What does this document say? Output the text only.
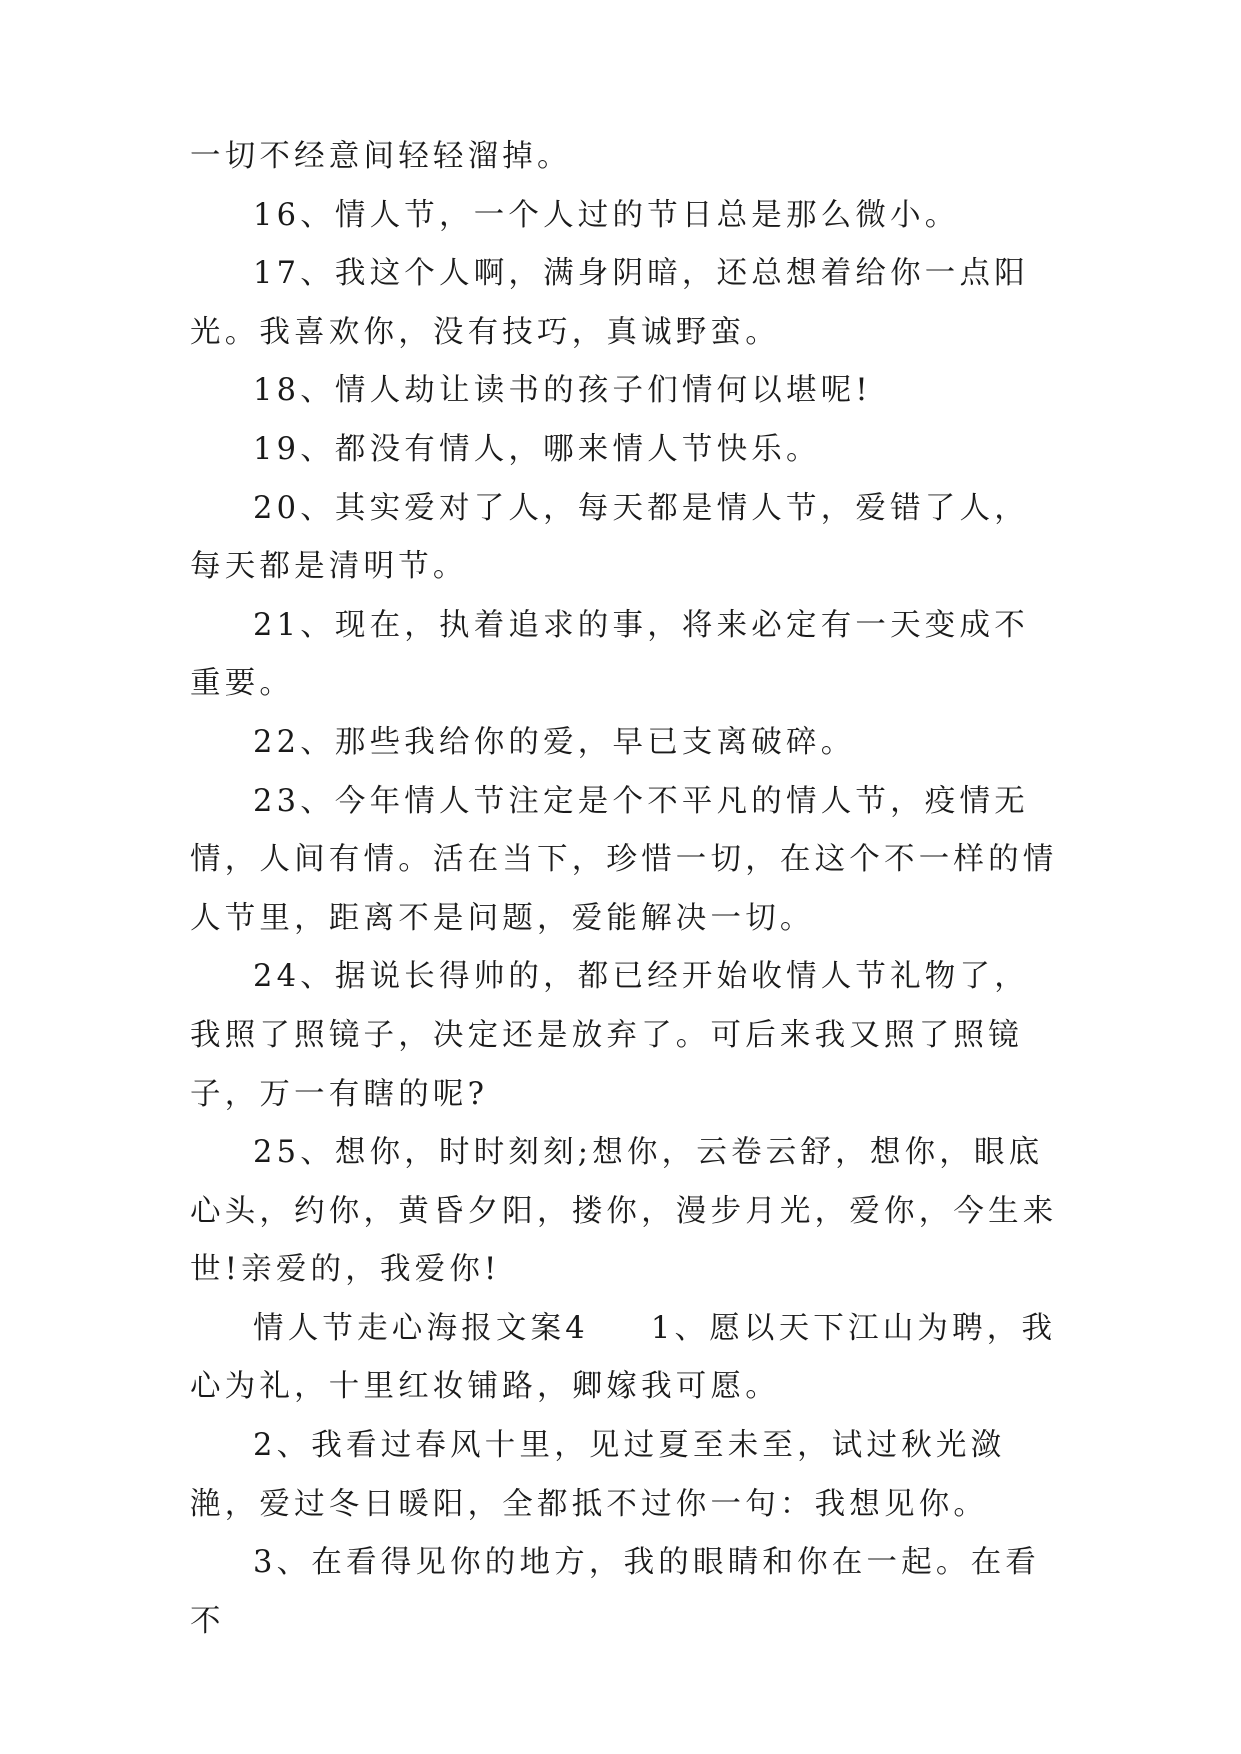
一切不经意间轻轻溜掉。

16、情人节，一个人过的节日总是那么微小。

17、我这个人啊，满身阴暗，还总想着给你一点阳光。我喜欢你，没有技巧，真诚野蛮。

18、情人劫让读书的孩子们情何以堪呢!

19、都没有情人，哪来情人节快乐。

20、其实爱对了人，每天都是情人节，爱错了人，每天都是清明节。

21、现在，执着追求的事，将来必定有一天变成不重要。

22、那些我给你的爱，早已支离破碎。

23、今年情人节注定是个不平凡的情人节，疫情无情，人间有情。活在当下，珍惜一切，在这个不一样的情人节里，距离不是问题，爱能解决一切。

24、据说长得帅的，都已经开始收情人节礼物了，我照了照镜子，决定还是放弃了。可后来我又照了照镜子，万一有瞎的呢?

25、想你，时时刻刻;想你，云卷云舒，想你，眼底心头，约你，黄昏夕阳，搂你，漫步月光，爱你，今生来世!亲爱的，我爱你!

情人节走心海报文案4 1、愿以天下江山为聘，我心为礼，十里红妆铺路，卿嫁我可愿。

2、我看过春风十里，见过夏至未至，试过秋光潋滟，爱过冬日暖阳，全都抵不过你一句：我想见你。

3、在看得见你的地方，我的眼睛和你在一起。在看不
